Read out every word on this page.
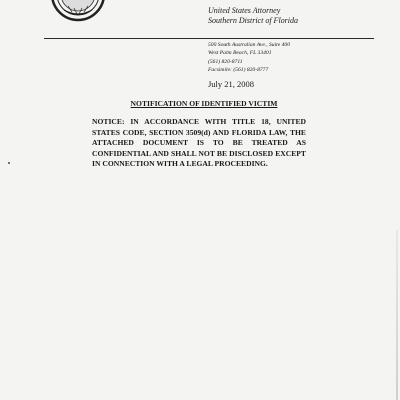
United States Attorney
Southern District of Florida
500 South Australian Ave., Suite 400
West Palm Beach, FL 33401
(561) 820-8711
Facsimile: (561) 820-8777
July 21, 2008
NOTIFICATION OF IDENTIFIED VICTIM
NOTICE: IN ACCORDANCE WITH TITLE 18, UNITED STATES CODE, SECTION 3509(d) AND FLORIDA LAW, THE ATTACHED DOCUMENT IS TO BE TREATED AS CONFIDENTIAL AND SHALL NOT BE DISCLOSED EXCEPT IN CONNECTION WITH A LEGAL PROCEEDING.
